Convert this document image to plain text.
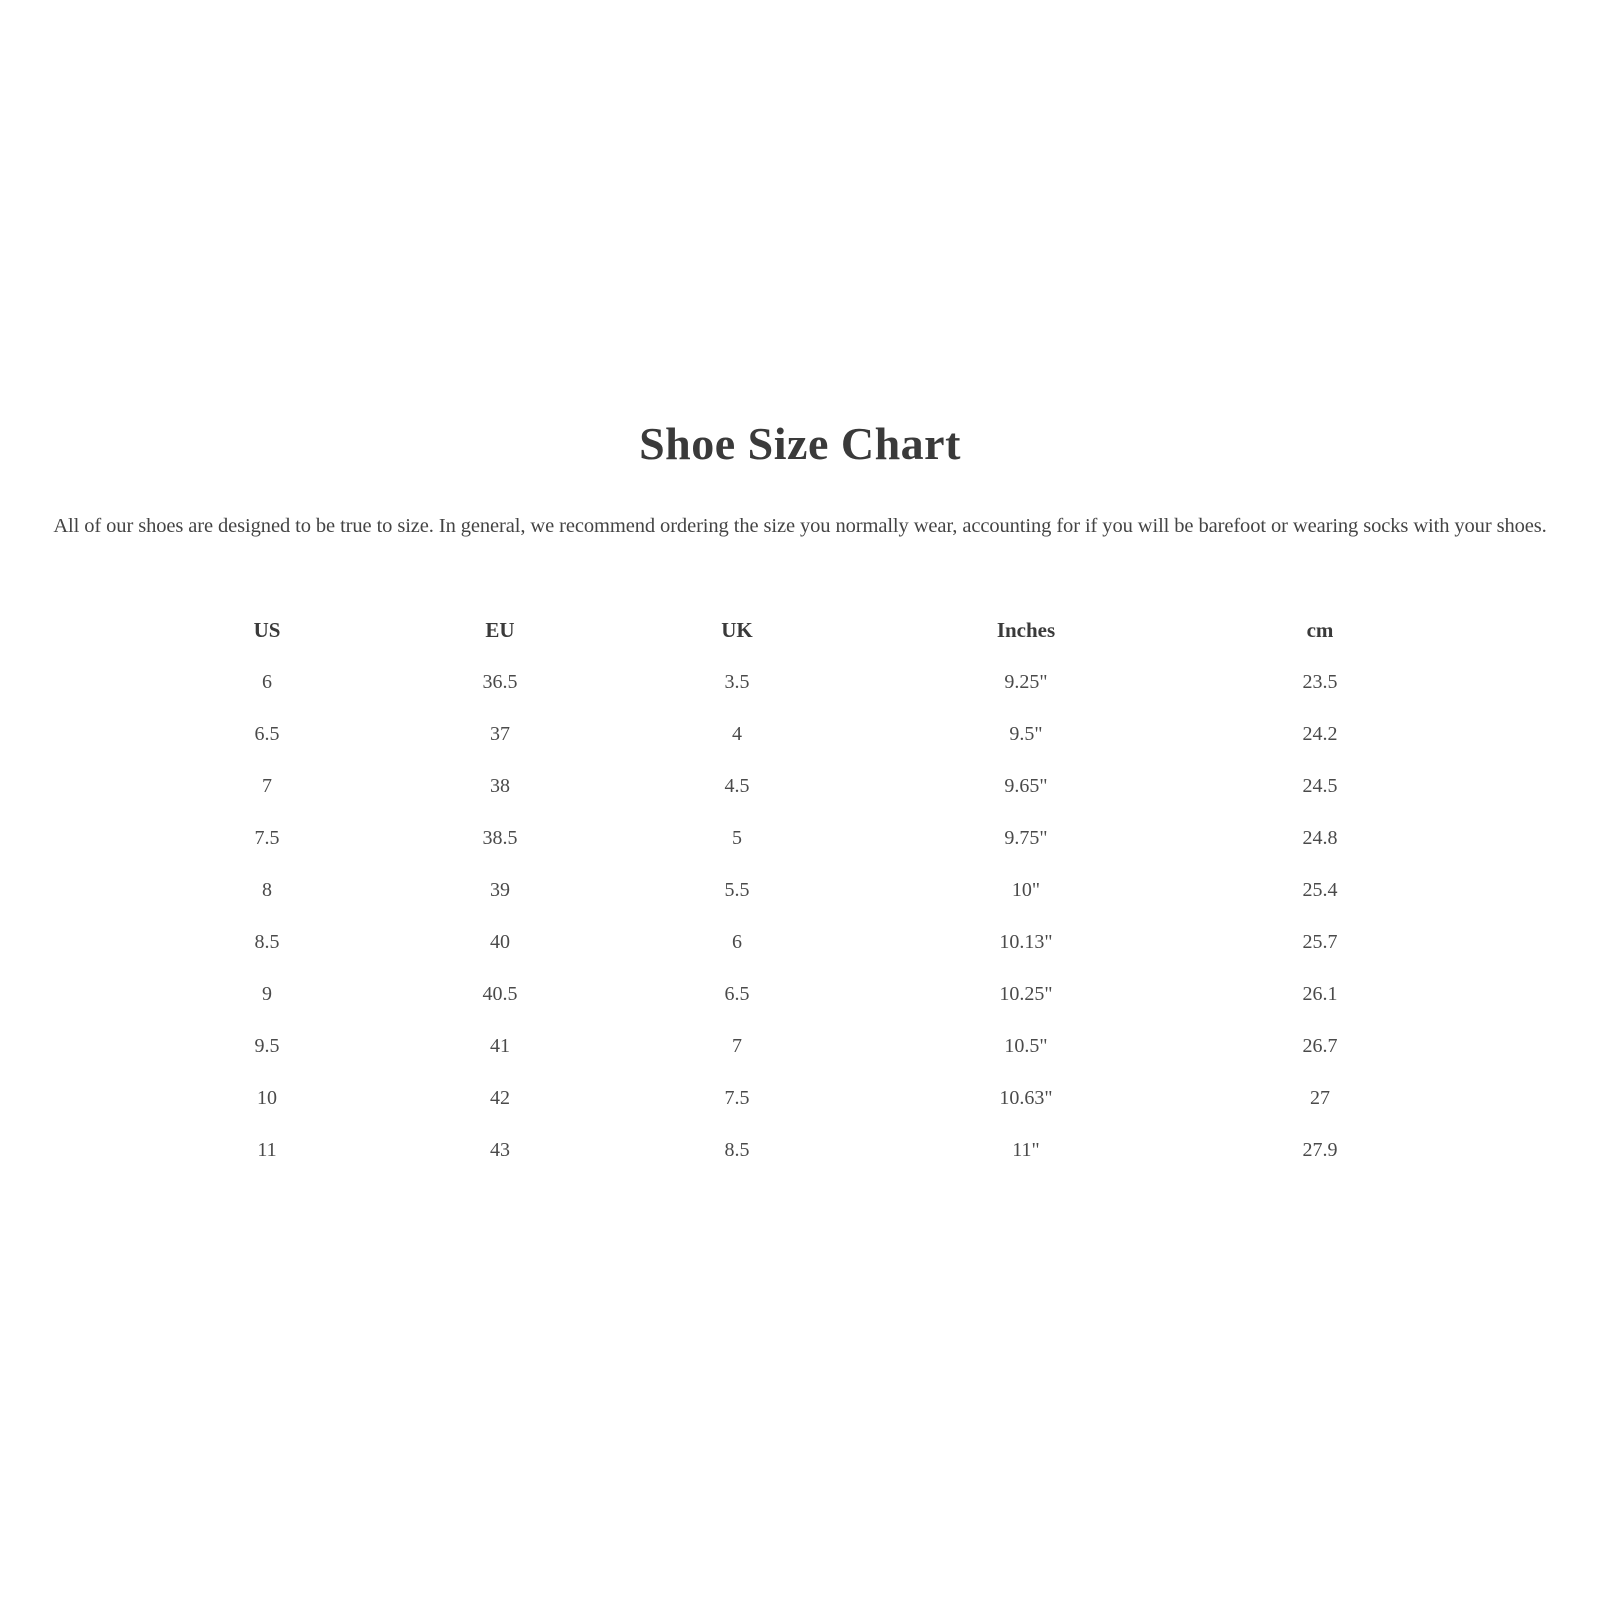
Shoe Size Chart

All of our shoes are designed to be true to size. In general, we recommend ordering the size you normally wear, accounting for if you will be barefoot or wearing socks with your shoes.

	US	EU	UK	Inches	cm	
	6	36.5	3.5	9.25"	23.5	
	6.5	37	4	9.5"	24.2	
	7	38	4.5	9.65"	24.5	
	7.5	38.5	5	9.75"	24.8	
	8	39	5.5	10"	25.4	
	8.5	40	6	10.13"	25.7	
	9	40.5	6.5	10.25"	26.1	
	9.5	41	7	10.5"	26.7	
	10	42	7.5	10.63"	27	
	11	43	8.5	11"	27.9	
